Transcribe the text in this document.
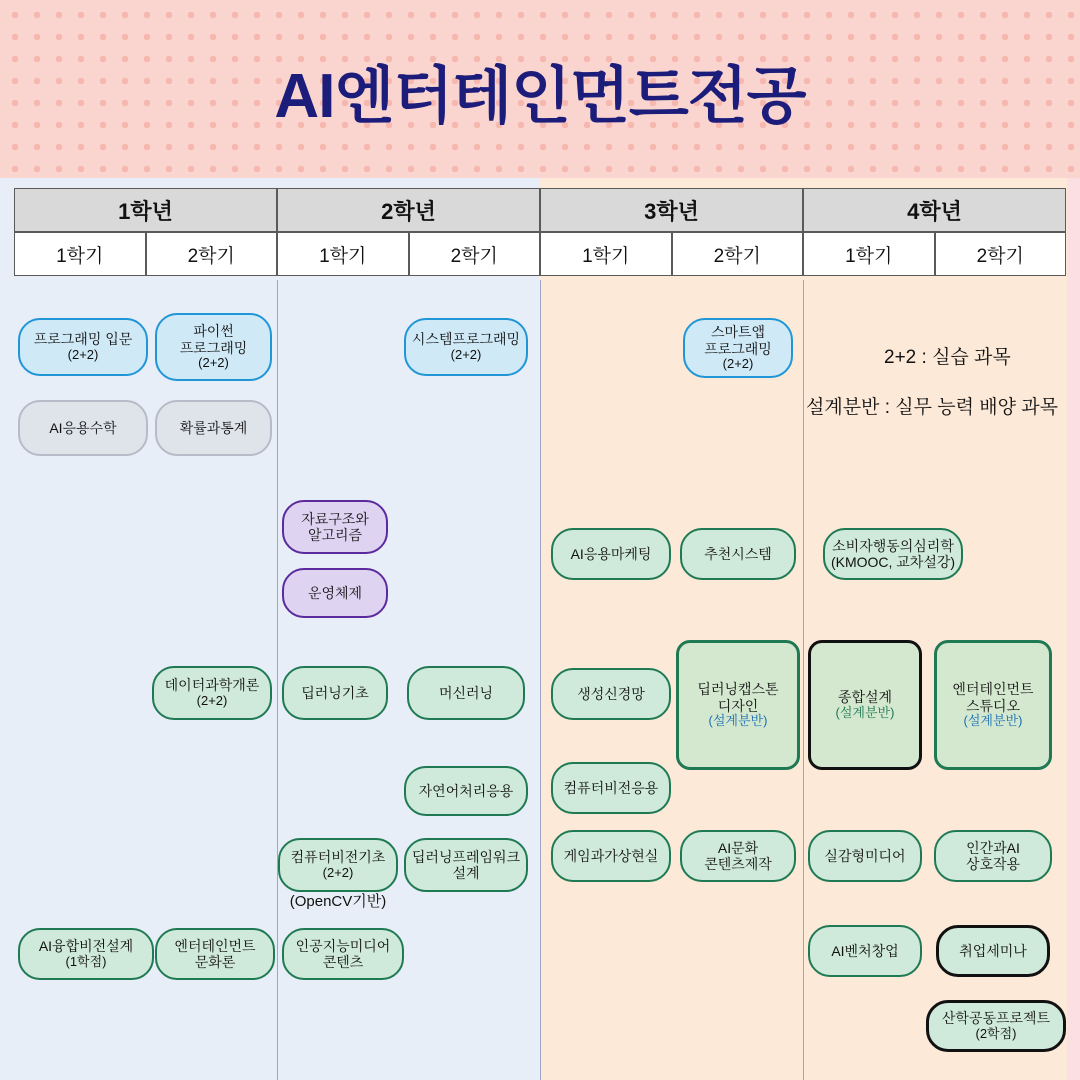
AI엔터테인먼트전공
1학년	2학년	3학년	4학년
1학기	2학기	1학기	2학기	1학기	2학기	1학기	2학기
2+2 : 실습 과목
설계분반 : 실무 능력 배양 과목
프로그래밍 입문
(2+2)
AI응용수학
AI융합비전설계
(1학점)
파이썬
프로그래밍
(2+2)
확률과통계
데이터과학개론
(2+2)
엔터테인먼트
문화론
자료구조와
알고리즘
운영체제
딥러닝기초
컴퓨터비전기초
(2+2)
(OpenCV기반)
인공지능미디어
콘텐츠
시스템프로그래밍
(2+2)
머신러닝
자연어처리응용
딥러닝프레임워크
설계
AI응용마케팅
생성신경망
컴퓨터비전응용
게임과가상현실
스마트앱
프로그래밍
(2+2)
추천시스템
딥러닝캡스톤
디자인
(설계분반)
AI문화
콘텐츠제작
종합설계
(설계분반)
실감형미디어
AI벤처창업
소비자행동의심리학
(KMOOC, 교차설강)
엔터테인먼트
스튜디오
(설계분반)
인간과AI
상호작용
취업세미나
산학공동프로젝트
(2학점)
